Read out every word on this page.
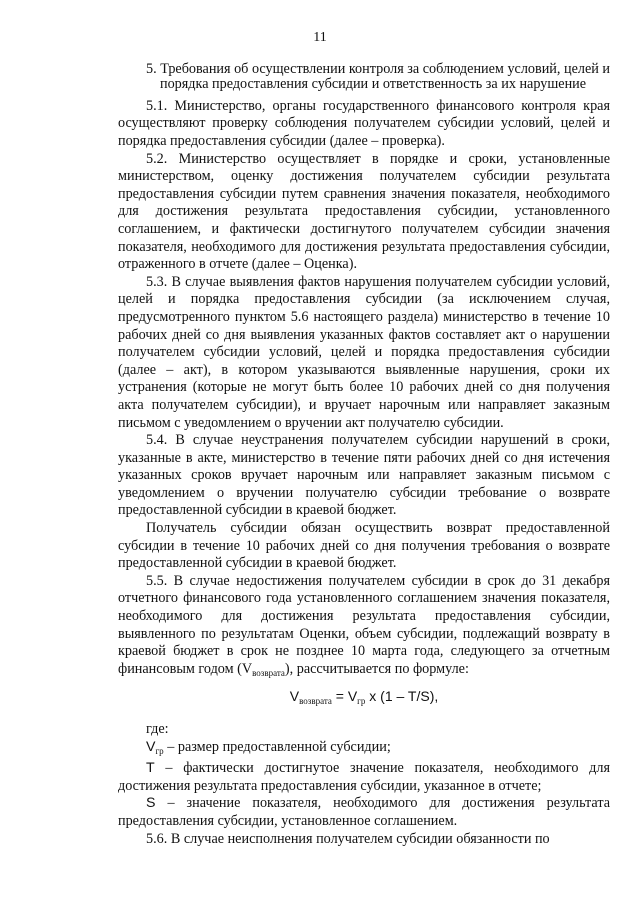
11

5. Требования об осуществлении контроля за соблюдением условий, целей и порядка предоставления субсидии и ответственность за их нарушение

5.1. Министерство, органы государственного финансового контроля края осуществляют проверку соблюдения получателем субсидии условий, целей и порядка предоставления субсидии (далее – проверка).

5.2. Министерство осуществляет в порядке и сроки, установленные министерством, оценку достижения получателем субсидии результата предоставления субсидии путем сравнения значения показателя, необходимого для достижения результата предоставления субсидии, установленного соглашением, и фактически достигнутого получателем субсидии значения показателя, необходимого для достижения результата предоставления субсидии, отраженного в отчете (далее – Оценка).

5.3. В случае выявления фактов нарушения получателем субсидии условий, целей и порядка предоставления субсидии (за исключением случая, предусмотренного пунктом 5.6 настоящего раздела) министерство в течение 10 рабочих дней со дня выявления указанных фактов составляет акт о нарушении получателем субсидии условий, целей и порядка предоставления субсидии (далее – акт), в котором указываются выявленные нарушения, сроки их устранения (которые не могут быть более 10 рабочих дней со дня получения акта получателем субсидии), и вручает нарочным или направляет заказным письмом с уведомлением о вручении акт получателю субсидии.

5.4. В случае неустранения получателем субсидии нарушений в сроки, указанные в акте, министерство в течение пяти рабочих дней со дня истечения указанных сроков вручает нарочным или направляет заказным письмом с уведомлением о вручении получателю субсидии требование о возврате предоставленной субсидии в краевой бюджет.

Получатель субсидии обязан осуществить возврат предоставленной субсидии в течение 10 рабочих дней со дня получения требования о возврате предоставленной субсидии в краевой бюджет.

5.5. В случае недостижения получателем субсидии в срок до 31 декабря отчетного финансового года установленного соглашением значения показателя, необходимого для достижения результата предоставления субсидии, выявленного по результатам Оценки, объем субсидии, подлежащий возврату в краевой бюджет в срок не позднее 10 марта года, следующего за отчетным финансовым годом $(V_{возврата})$, рассчитывается по формуле:

$V_{возврата} = V_{гр}$ x (1 – T/S),

где:

$V_{гр}$ – размер предоставленной субсидии;

T – фактически достигнутое значение показателя, необходимого для достижения результата предоставления субсидии, указанное в отчете;

S – значение показателя, необходимого для достижения результата предоставления субсидии, установленное соглашением.

5.6. В случае неисполнения получателем субсидии обязанности по
